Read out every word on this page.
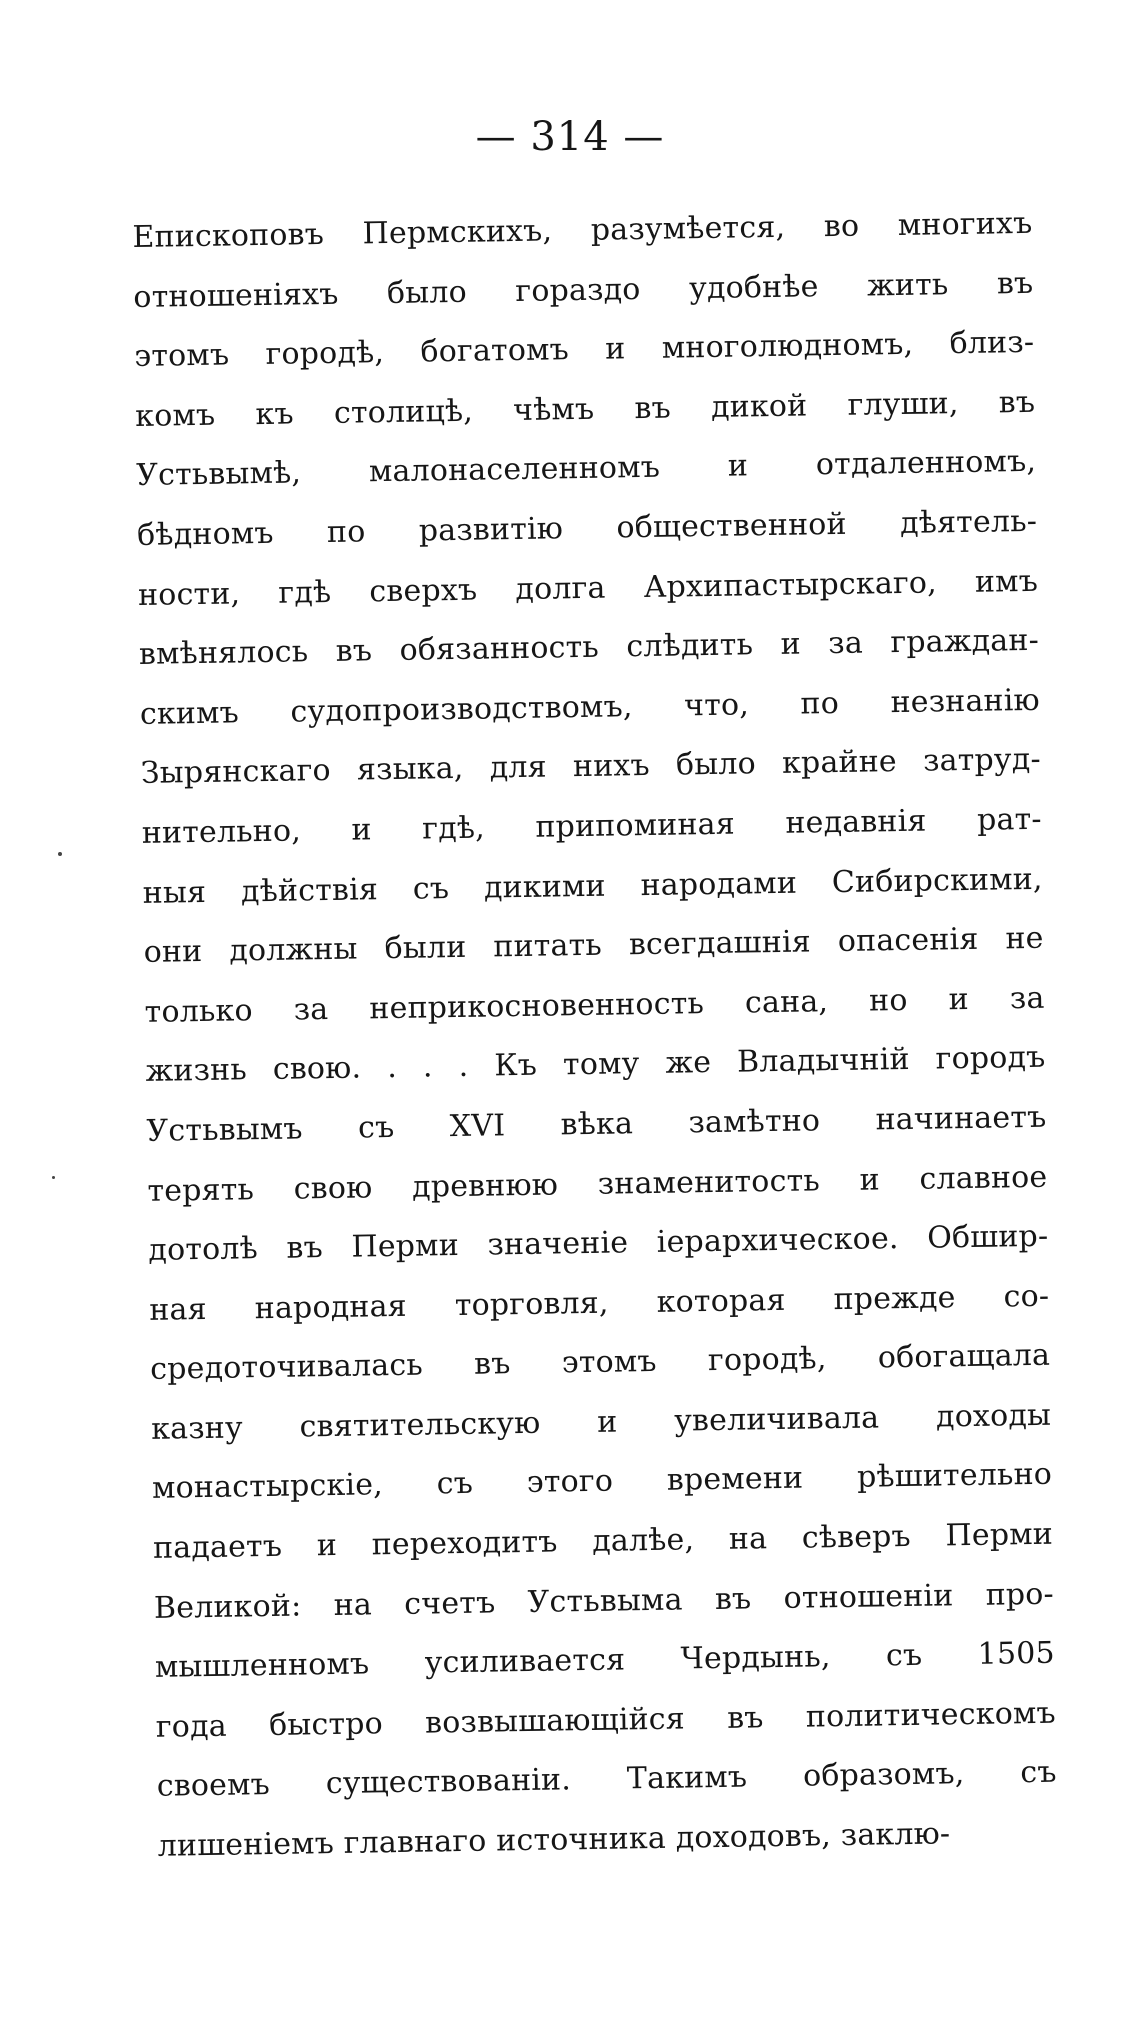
— 314 —
Епископовъ Пермскихъ, разумѣется, во многихъ
отношеніяхъ было гораздо удобнѣе жить въ
этомъ городѣ, богатомъ и многолюдномъ, близ-
комъ къ столицѣ, чѣмъ въ дикой глуши, въ
Устьвымѣ, малонаселенномъ и отдаленномъ,
бѣдномъ по развитію общественной дѣятель-
ности, гдѣ сверхъ долга Архипастырскаго, имъ
вмѣнялось въ обязанность слѣдить и за граждан-
скимъ судопроизводствомъ, что, по незнанію
Зырянскаго языка, для нихъ было крайне затруд-
нительно, и гдѣ, припоминая недавнія рат-
ныя дѣйствія съ дикими народами Сибирскими,
они должны были питать всегдашнія опасенія не
только за неприкосновенность сана, но и за
жизнь свою. . . . Къ тому же Владычній городъ
Устьвымъ съ XVI вѣка замѣтно начинаетъ
терять свою древнюю знаменитость и славное
дотолѣ въ Перми значеніе іерархическое. Обшир-
ная народная торговля, которая прежде со-
средоточивалась въ этомъ городѣ, обогащала
казну святительскую и увеличивала доходы
монастырскіе, съ этого времени рѣшительно
падаетъ и переходитъ далѣе, на сѣверъ Перми
Великой: на счетъ Устьвыма въ отношеніи про-
мышленномъ усиливается Чердынь, съ 1505
года быстро возвышающійся въ политическомъ
своемъ существованіи. Такимъ образомъ, съ
лишеніемъ главнаго источника доходовъ, заклю-
